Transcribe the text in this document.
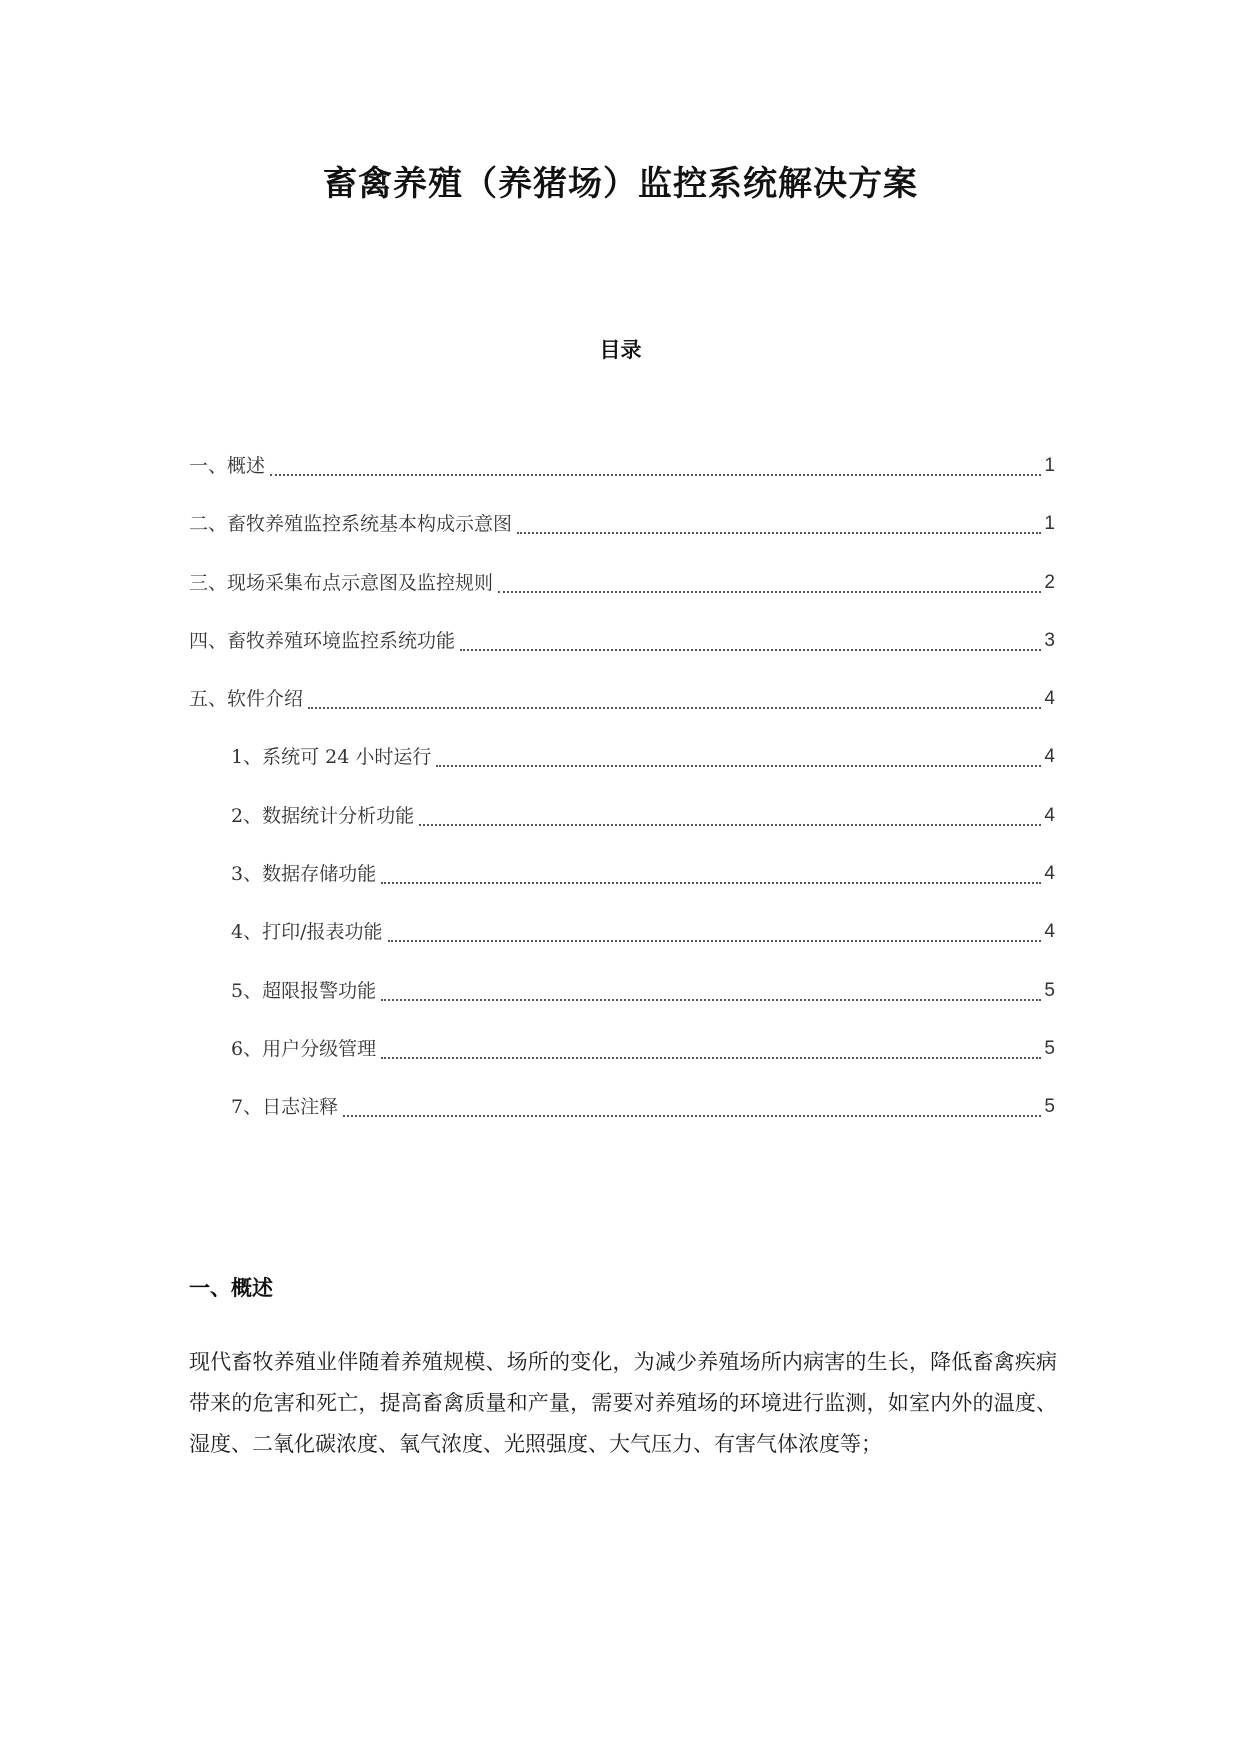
畜禽养殖（养猪场）监控系统解决方案
目录
一、概述	1
二、畜牧养殖监控系统基本构成示意图	1
三、现场采集布点示意图及监控规则	2
四、畜牧养殖环境监控系统功能	3
五、软件介绍	4
1、系统可 24 小时运行	4
2、数据统计分析功能	4
3、数据存储功能	4
4、打印/报表功能	4
5、超限报警功能	5
6、用户分级管理	5
7、日志注释	5
一、概述

现代畜牧养殖业伴随着养殖规模、场所的变化，为减少养殖场所内病害的生长，降低畜禽疾病带来的危害和死亡，提高畜禽质量和产量，需要对养殖场的环境进行监测，如室内外的温度、湿度、二氧化碳浓度、氧气浓度、光照强度、大气压力、有害气体浓度等；
